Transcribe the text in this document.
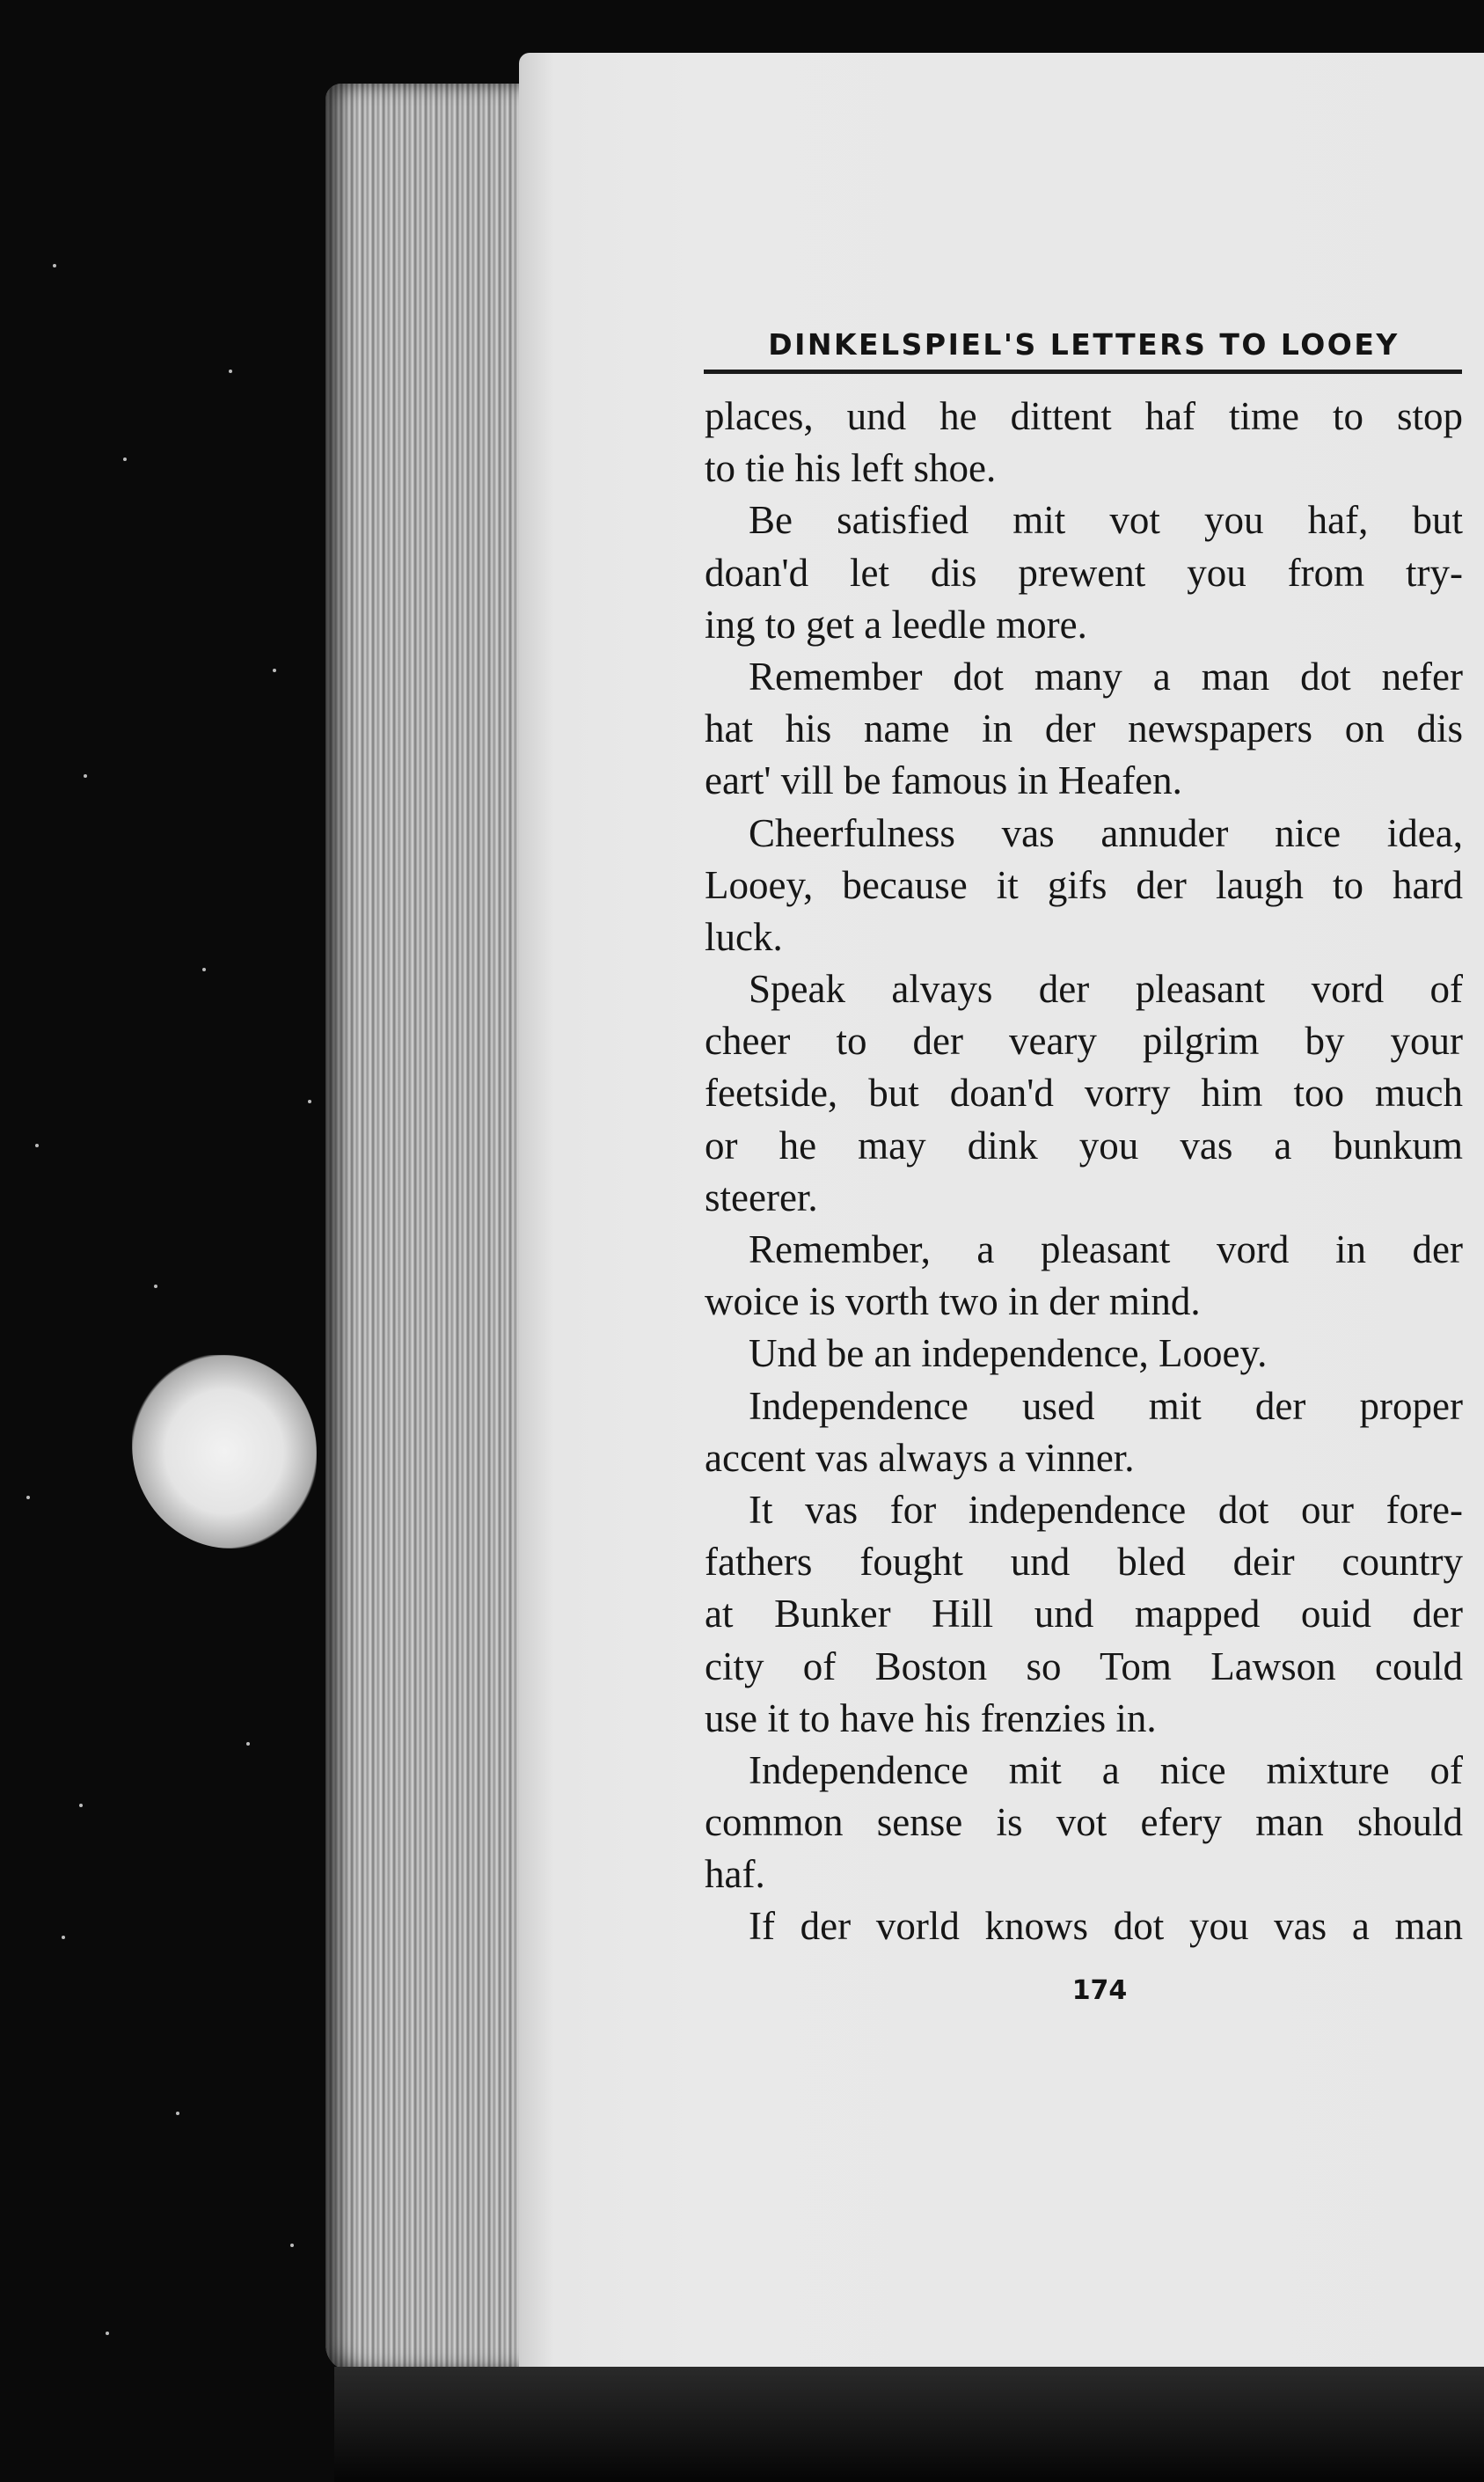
DINKELSPIEL'S LETTERS TO LOOEY
places, und he dittent haf time to stop
to tie his left shoe.
Be satisfied mit vot you haf, but
doan'd let dis prewent you from try-
ing to get a leedle more.
Remember dot many a man dot nefer
hat his name in der newspapers on dis
eart' vill be famous in Heafen.
Cheerfulness vas annuder nice idea,
Looey, because it gifs der laugh to hard
luck.
Speak alvays der pleasant vord of
cheer to der veary pilgrim by your
feetside, but doan'd vorry him too much
or he may dink you vas a bunkum
steerer.
Remember, a pleasant vord in der
woice is vorth two in der mind.
Und be an independence, Looey.
Independence used mit der proper
accent vas always a vinner.
It vas for independence dot our fore-
fathers fought und bled deir country
at Bunker Hill und mapped ouid der
city of Boston so Tom Lawson could
use it to have his frenzies in.
Independence mit a nice mixture of
common sense is vot efery man should
haf.
If der vorld knows dot you vas a man
174
